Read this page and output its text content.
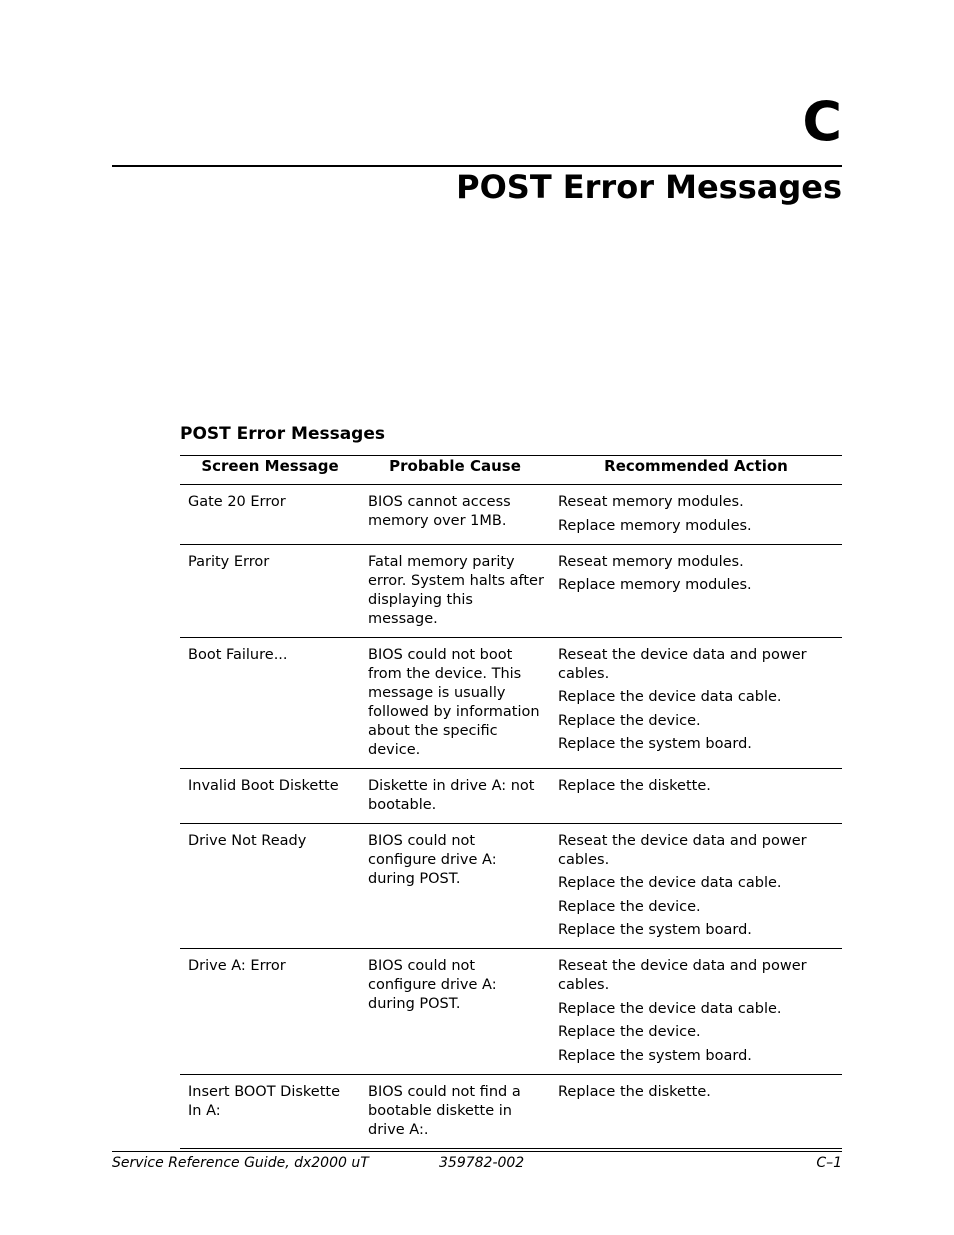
C
POST Error Messages
POST Error Messages
Screen Message	Probable Cause	Recommended Action
Gate 20 Error	BIOS cannot access memory over 1MB.	Reseat memory modules.
Replace memory modules.

Parity Error	Fatal memory parity error. System halts after displaying this message.	Reseat memory modules.
Replace memory modules.

Boot Failure...	BIOS could not boot from the device. This message is usually followed by information about the specific device.	Reseat the device data and power cables.
Replace the device data cable.
Replace the device.
Replace the system board.

Invalid Boot Diskette	Diskette in drive A: not bootable.	Replace the diskette.

Drive Not Ready	BIOS could not configure drive A: during POST.	Reseat the device data and power cables.
Replace the device data cable.
Replace the device.
Replace the system board.

Drive A: Error	BIOS could not configure drive A: during POST.	Reseat the device data and power cables.
Replace the device data cable.
Replace the device.
Replace the system board.

Insert BOOT Diskette In A:	BIOS could not find a bootable diskette in drive A:.	Replace the diskette.
Service Reference Guide, dx2000 uT	359782-002	C–1
